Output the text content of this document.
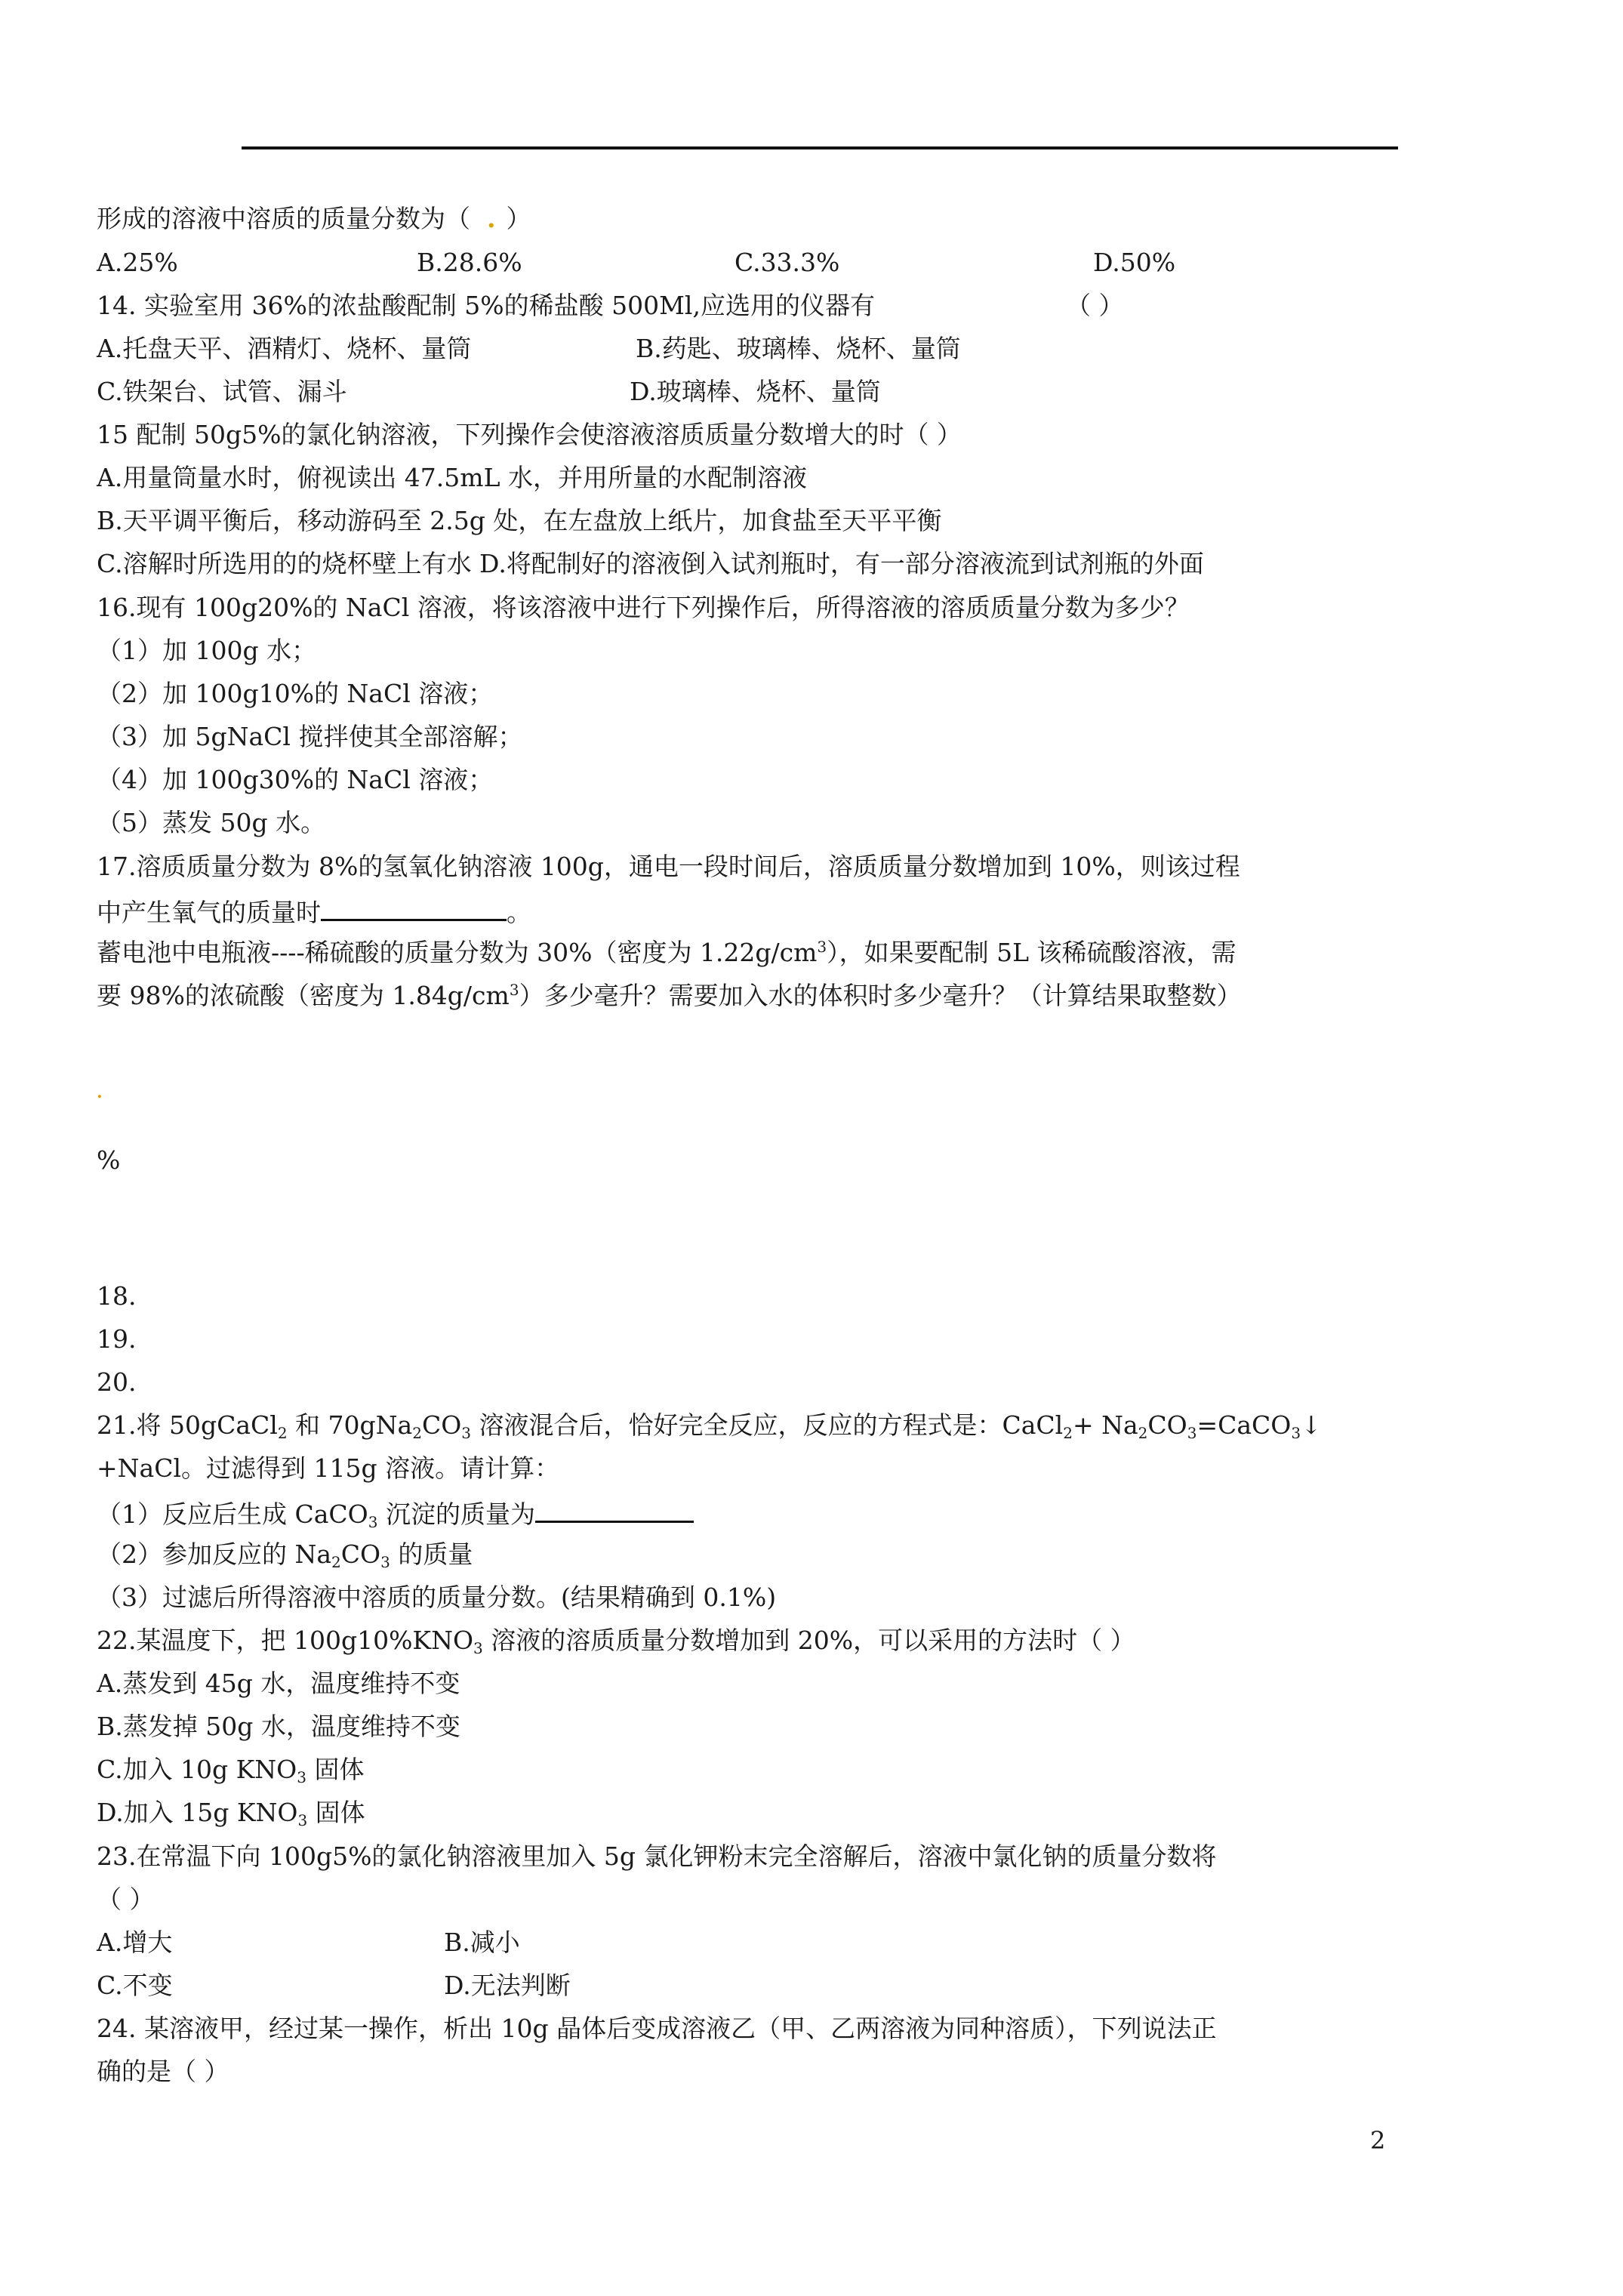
形成的溶液中溶质的质量分数为（ . ）
A.25%	B.28.6%	C.33.3%	D.50%
14. 实验室用 36%的浓盐酸配制 5%的稀盐酸 500Ml,应选用的仪器有	（ ）
A.托盘天平、酒精灯、烧杯、量筒	B.药匙、玻璃棒、烧杯、量筒
C.铁架台、试管、漏斗	D.玻璃棒、烧杯、量筒
15 配制 50g5%的氯化钠溶液，下列操作会使溶液溶质质量分数增大的时（ ）
A.用量筒量水时，俯视读出 47.5mL 水，并用所量的水配制溶液
B.天平调平衡后，移动游码至 2.5g 处，在左盘放上纸片，加食盐至天平平衡
C.溶解时所选用的的烧杯壁上有水 D.将配制好的溶液倒入试剂瓶时，有一部分溶液流到试剂瓶的外面
16.现有 100g20%的 NaCl 溶液，将该溶液中进行下列操作后，所得溶液的溶质质量分数为多少？
（1）加 100g 水；
（2）加 100g10%的 NaCl 溶液；
（3）加 5gNaCl 搅拌使其全部溶解；
（4）加 100g30%的 NaCl 溶液；
（5）蒸发 50g 水。
17.溶质质量分数为 8%的氢氧化钠溶液 100g，通电一段时间后，溶质质量分数增加到 10%，则该过程
中产生氧气的质量时	。
蓄电池中电瓶液----稀硫酸的质量分数为 30%（密度为 $1.22g/cm^3$），如果要配制 5L 该稀硫酸溶液，需
要 98%的浓硫酸（密度为 $1.84g/cm^3$）多少毫升？需要加入水的体积时多少毫升？（计算结果取整数）
.
%
18.
19.
20.
21.将 50gCaCl$_2$ 和 $70gNa_2CO_3$ 溶液混合后，恰好完全反应，反应的方程式是：CaCl$_2$+ $Na_2CO_3=CaCO_3↓$
+NaCl。过滤得到 115g 溶液。请计算：
（1）反应后生成 CaCO$_3$ 沉淀的质量为
（2）参加反应的 $Na_2CO_3$ 的质量
（3）过滤后所得溶液中溶质的质量分数。(结果精确到 0.1%)
22.某温度下，把 $100g10\%KNO_3$ 溶液的溶质质量分数增加到 20%，可以采用的方法时（ ）
A.蒸发到 45g 水，温度维持不变
B.蒸发掉 50g 水，温度维持不变
C.加入 10g $KNO_3$ 固体
D.加入 15g $KNO_3$ 固体
23.在常温下向 100g5%的氯化钠溶液里加入 5g 氯化钾粉末完全溶解后，溶液中氯化钠的质量分数将
（ ）
A.增大	B.减小
C.不变	D.无法判断
24. 某溶液甲，经过某一操作，析出 10g 晶体后变成溶液乙（甲、乙两溶液为同种溶质），下列说法正
确的是（ ）
2
